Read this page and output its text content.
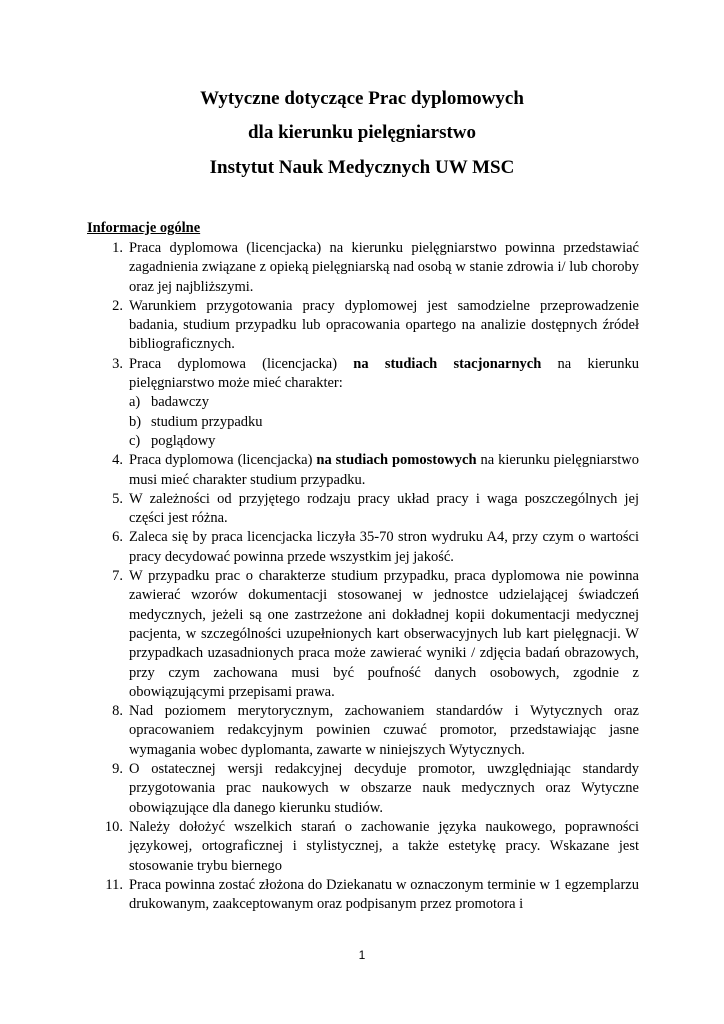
Wytyczne dotyczące Prac dyplomowych

dla kierunku pielęgniarstwo

Instytut Nauk Medycznych UW MSC

Informacje ogólne

1. Praca dyplomowa (licencjacka) na kierunku pielęgniarstwo powinna przedstawiać zagadnienia związane z opieką pielęgniarską nad osobą w stanie zdrowia i/ lub choroby oraz jej najbliższymi.
2. Warunkiem przygotowania pracy dyplomowej jest samodzielne przeprowadzenie badania, studium przypadku lub opracowania opartego na analizie dostępnych źródeł bibliograficznych.
3. Praca dyplomowa (licencjacka) na studiach stacjonarnych na kierunku pielęgniarstwo może mieć charakter:
a) badawczy
b) studium przypadku
c) poglądowy
4. Praca dyplomowa (licencjacka) na studiach pomostowych na kierunku pielęgniarstwo musi mieć charakter studium przypadku.
5. W zależności od przyjętego rodzaju pracy układ pracy i waga poszczególnych jej części jest różna.
6. Zaleca się by praca licencjacka liczyła 35-70 stron wydruku A4, przy czym o wartości pracy decydować powinna przede wszystkim jej jakość.
7. W przypadku prac o charakterze studium przypadku, praca dyplomowa nie powinna zawierać wzorów dokumentacji stosowanej w jednostce udzielającej świadczeń medycznych, jeżeli są one zastrzeżone ani dokładnej kopii dokumentacji medycznej pacjenta, w szczególności uzupełnionych kart obserwacyjnych lub kart pielęgnacji. W przypadkach uzasadnionych praca może zawierać wyniki / zdjęcia badań obrazowych, przy czym zachowana musi być poufność danych osobowych, zgodnie z obowiązującymi przepisami prawa.
8. Nad poziomem merytorycznym, zachowaniem standardów i Wytycznych oraz opracowaniem redakcyjnym powinien czuwać promotor, przedstawiając jasne wymagania wobec dyplomanta, zawarte w niniejszych Wytycznych.
9. O ostatecznej wersji redakcyjnej decyduje promotor, uwzględniając standardy przygotowania prac naukowych w obszarze nauk medycznych oraz Wytyczne obowiązujące dla danego kierunku studiów.
10. Należy dołożyć wszelkich starań o zachowanie języka naukowego, poprawności językowej, ortograficznej i stylistycznej, a także estetykę pracy. Wskazane jest stosowanie trybu biernego
11. Praca powinna zostać złożona do Dziekanatu w oznaczonym terminie w 1 egzemplarzu drukowanym, zaakceptowanym oraz podpisanym przez promotora i
1
